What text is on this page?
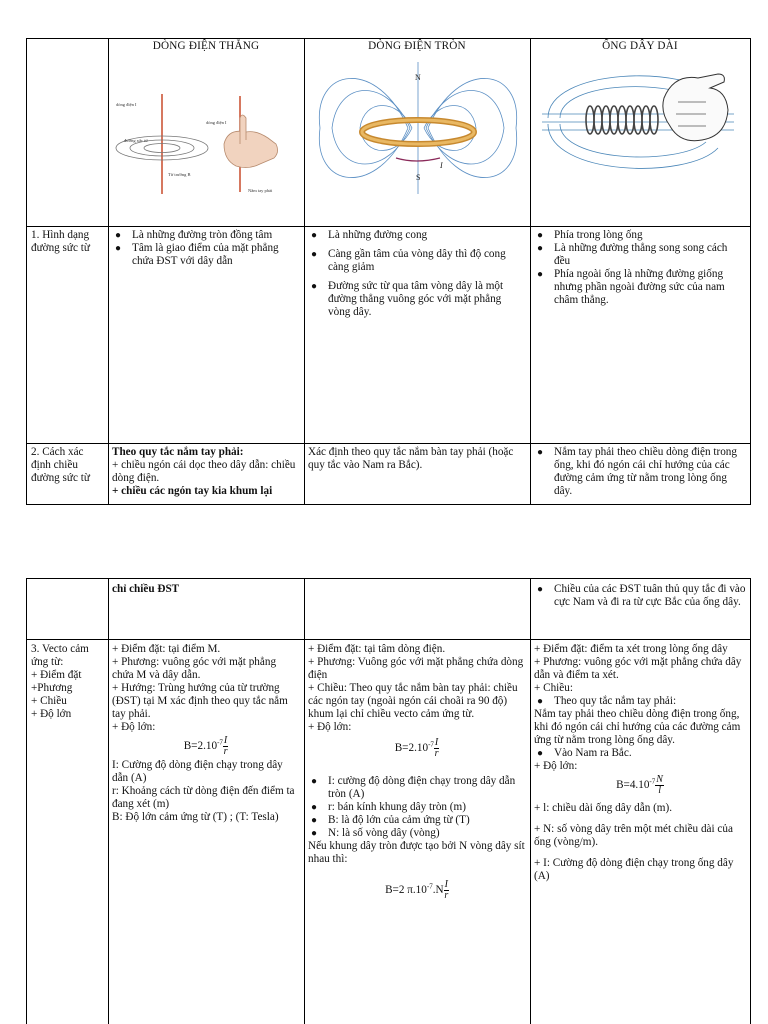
DÒNG ĐIỆN THẲNG	DÒNG ĐIỆN TRÒN	ỐNG DÂY DÀI
dòng điện I
dòng điện I
đường sức từ
Từ trường B
Nắm tay phải
N
S
I
1. Hình dạng đường sức từ
● Là những đường tròn đồng tâm
● Tâm là giao điểm của mặt phẳng chứa ĐST với dây dẫn
● Là những đường cong
● Càng gần tâm của vòng dây thì độ cong càng giảm
● Đường sức từ qua tâm vòng dây là một đường thẳng vuông góc với mặt phẳng vòng dây.
● Phía trong lòng ống
● Là những đường thẳng song song cách đều
● Phía ngoài ống là những đường giống nhưng phần ngoài đường sức của nam châm thẳng.
2. Cách xác định chiều đường sức từ
Theo quy tắc nắm tay phải:
+ chiều ngón cái dọc theo dây dẫn: chiều dòng điện.
+ chiều các ngón tay kia khum lại
Xác định theo quy tắc nắm bàn tay phải (hoặc quy tắc vào Nam ra Bắc).
● Nắm tay phải theo chiều dòng điện trong ống, khi đó ngón cái chỉ hướng của các đường cảm ứng từ nằm trong lòng ống dây.
chỉ chiều ĐST
●	Chiều của các ĐST tuân thủ quy tắc đi vào cực Nam và đi ra từ cực Bắc của ống dây.
3. Vecto cảm ứng từ:
+ Điểm đặt
+Phương
+ Chiều
+ Độ lớn
+ Điểm đặt: tại điểm M.
+ Phương: vuông góc với mặt phẳng chứa M và dây dẫn.
+ Hướng: Trùng hướng của từ trường (ĐST) tại M xác định theo quy tắc nắm tay phải.
+ Độ lớn:
$B=2.10^{-7} \frac{I}{r}$
I: Cường độ dòng điện chạy trong dây dẫn (A)
r: Khoảng cách từ dòng điện đến điểm ta đang xét (m)
B: Độ lớn cảm ứng từ (T) ; (T: Tesla)
+ Điểm đặt: tại tâm dòng điện.
+ Phương: Vuông góc với mặt phẳng chứa dòng điện
+ Chiều: Theo quy tắc nắm bàn tay phải: chiều các ngón tay (ngoài ngón cái choãi ra 90 độ) khum lại chỉ chiều vecto cảm ứng từ.
+ Độ lớn:
$B=2.10^{-7} \frac{I}{r}$
● I: cường độ dòng điện chạy trong dây dẫn tròn (A)
● r: bán kính khung dây tròn (m)
● B: là độ lớn của cảm ứng từ (T)
● N: là số vòng dây (vòng)
Nếu khung dây tròn được tạo bởi N vòng dây sít nhau thì:
B=2 $\pi.10^{-7}.N \frac{I}{r}$
+ Điểm đặt: điểm ta xét trong lòng ống dây
+ Phương: vuông góc với mặt phẳng chứa dây dẫn và điểm ta xét.
+ Chiều:
● Theo quy tắc nắm tay phải:
Nắm tay phải theo chiều dòng điện trong ống, khi đó ngón cái chỉ hướng của các đường cảm ứng từ nằm trong lòng ống dây.
● Vào Nam ra Bắc.
+ Độ lớn:
$B=4.10^{-7} \frac{N}{l}$
+ l: chiều dài ống dây dẫn (m).
+ N: số vòng dây trên một mét chiều dài của ống (vòng/m).
+ I: Cường độ dòng điện chạy trong ống dây (A)
